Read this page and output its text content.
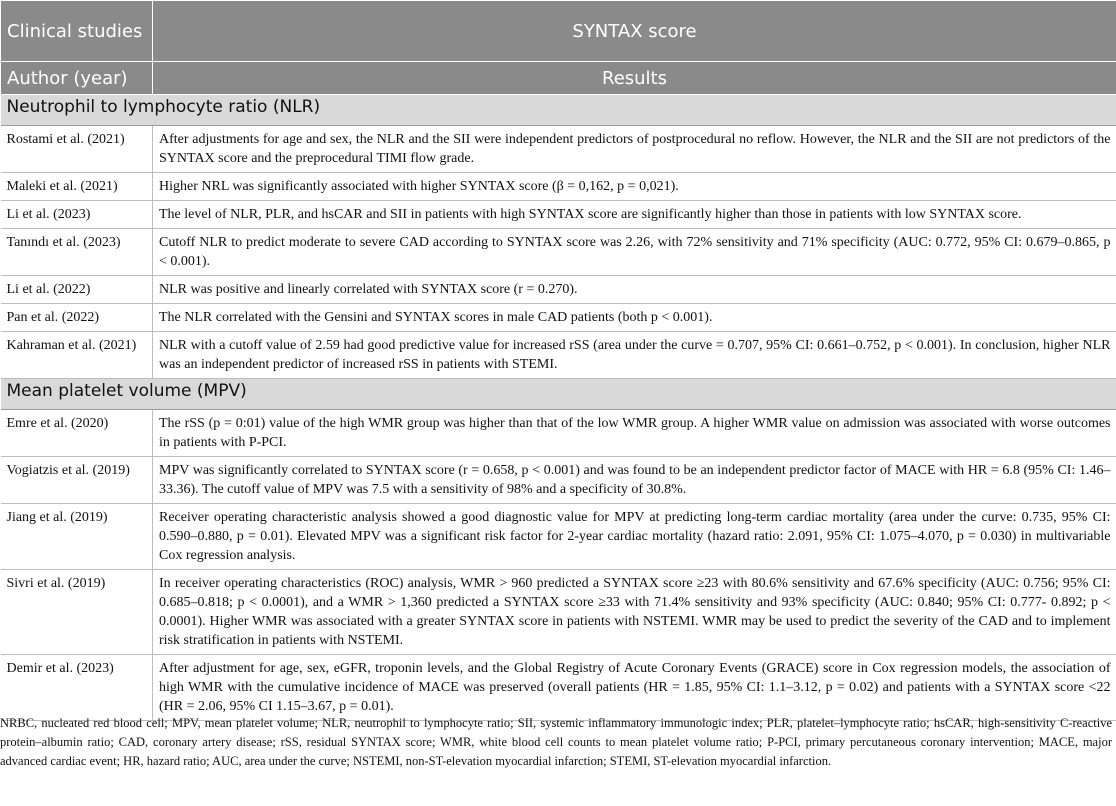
Clinical studies	SYNTAX score
Author (year)	Results
Neutrophil to lymphocyte ratio (NLR)	
Rostami et al. (2021)	After adjustments for age and sex, the NLR and the SII were independent predictors of postprocedural no reflow. However, the NLR and the SII are not predictors of the SYNTAX score and the preprocedural TIMI flow grade.
Maleki et al. (2021)	Higher NRL was significantly associated with higher SYNTAX score (β = 0,162, p = 0,021).
Li et al. (2023)	The level of NLR, PLR, and hsCAR and SII in patients with high SYNTAX score are significantly higher than those in patients with low SYNTAX score.
Tanındı et al. (2023)	Cutoff NLR to predict moderate to severe CAD according to SYNTAX score was 2.26, with 72% sensitivity and 71% specificity (AUC: 0.772, 95% CI: 0.679–0.865, p < 0.001).
Li et al. (2022)	NLR was positive and linearly correlated with SYNTAX score (r = 0.270).
Pan et al. (2022)	The NLR correlated with the Gensini and SYNTAX scores in male CAD patients (both p < 0.001).
Kahraman et al. (2021)	NLR with a cutoff value of 2.59 had good predictive value for increased rSS (area under the curve = 0.707, 95% CI: 0.661–0.752, p < 0.001). In conclusion, higher NLR was an independent predictor of increased rSS in patients with STEMI.
Mean platelet volume (MPV)	
Emre et al. (2020)	The rSS (p = 0:01) value of the high WMR group was higher than that of the low WMR group. A higher WMR value on admission was associated with worse outcomes in patients with P-PCI.
Vogiatzis et al. (2019)	MPV was significantly correlated to SYNTAX score (r = 0.658, p < 0.001) and was found to be an independent predictor factor of MACE with HR = 6.8 (95% CI: 1.46–33.36). The cutoff value of MPV was 7.5 with a sensitivity of 98% and a specificity of 30.8%.
Jiang et al. (2019)	Receiver operating characteristic analysis showed a good diagnostic value for MPV at predicting long-term cardiac mortality (area under the curve: 0.735, 95% CI: 0.590–0.880, p = 0.01). Elevated MPV was a significant risk factor for 2-year cardiac mortality (hazard ratio: 2.091, 95% CI: 1.075–4.070, p = 0.030) in multivariable Cox regression analysis.
Sivri et al. (2019)	In receiver operating characteristics (ROC) analysis, WMR > 960 predicted a SYNTAX score ≥23 with 80.6% sensitivity and 67.6% specificity (AUC: 0.756; 95% CI: 0.685–0.818; p < 0.0001), and a WMR > 1,360 predicted a SYNTAX score ≥33 with 71.4% sensitivity and 93% specificity (AUC: 0.840; 95% CI: 0.777- 0.892; p < 0.0001). Higher WMR was associated with a greater SYNTAX score in patients with NSTEMI. WMR may be used to predict the severity of the CAD and to implement risk stratification in patients with NSTEMI.
Demir et al. (2023)	After adjustment for age, sex, eGFR, troponin levels, and the Global Registry of Acute Coronary Events (GRACE) score in Cox regression models, the association of high WMR with the cumulative incidence of MACE was preserved (overall patients (HR = 1.85, 95% CI: 1.1–3.12, p = 0.02) and patients with a SYNTAX score <22 (HR = 2.06, 95% CI 1.15–3.67, p = 0.01).
NRBC, nucleated red blood cell; MPV, mean platelet volume; NLR, neutrophil to lymphocyte ratio; SII, systemic inflammatory immunologic index; PLR, platelet–lymphocyte ratio; hsCAR, high-sensitivity C-reactive protein–albumin ratio; CAD, coronary artery disease; rSS, residual SYNTAX score; WMR, white blood cell counts to mean platelet volume ratio; P-PCI, primary percutaneous coronary intervention; MACE, major advanced cardiac event; HR, hazard ratio; AUC, area under the curve; NSTEMI, non-ST-elevation myocardial infarction; STEMI, ST-elevation myocardial infarction.
